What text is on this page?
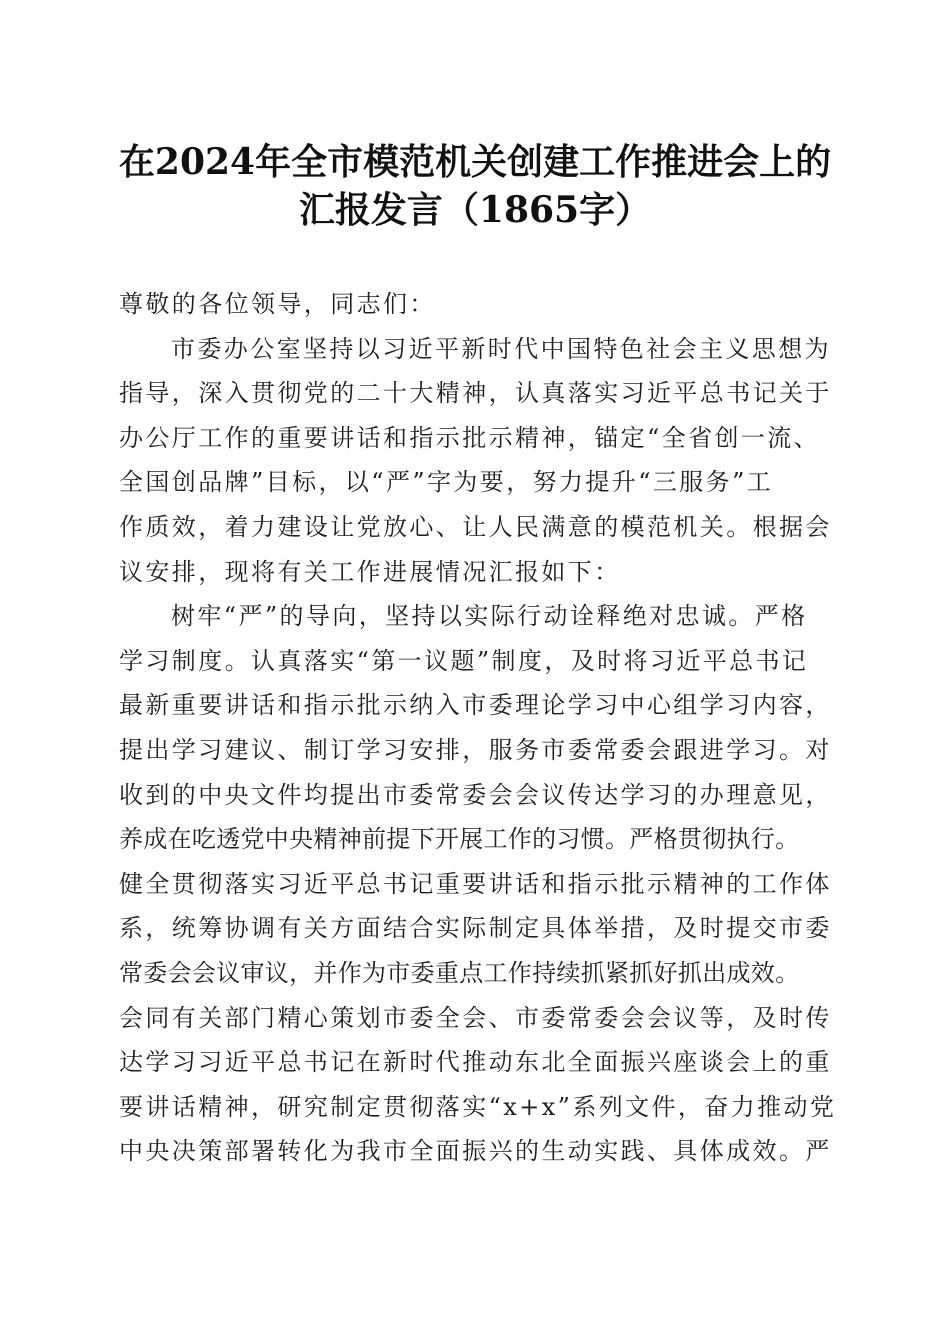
在2024年全市模范机关创建工作推进会上的
汇报发言（1865字）
尊敬的各位领导，同志们：
市委办公室坚持以习近平新时代中国特色社会主义思想为
指导，深入贯彻党的二十大精神，认真落实习近平总书记关于
办公厅工作的重要讲话和指示批示精神，锚定“全省创一流、
全国创品牌”目标，以“严”字为要，努力提升“三服务”工
作质效，着力建设让党放心、让人民满意的模范机关。根据会
议安排，现将有关工作进展情况汇报如下：
树牢“严”的导向，坚持以实际行动诠释绝对忠诚。严格
学习制度。认真落实“第一议题”制度，及时将习近平总书记
最新重要讲话和指示批示纳入市委理论学习中心组学习内容，
提出学习建议、制订学习安排，服务市委常委会跟进学习。对
收到的中央文件均提出市委常委会会议传达学习的办理意见，
养成在吃透党中央精神前提下开展工作的习惯。严格贯彻执行。
健全贯彻落实习近平总书记重要讲话和指示批示精神的工作体
系，统筹协调有关方面结合实际制定具体举措，及时提交市委
常委会会议审议，并作为市委重点工作持续抓紧抓好抓出成效。
会同有关部门精心策划市委全会、市委常委会会议等，及时传
达学习习近平总书记在新时代推动东北全面振兴座谈会上的重
要讲话精神，研究制定贯彻落实“x+x”系列文件，奋力推动党
中央决策部署转化为我市全面振兴的生动实践、具体成效。严
